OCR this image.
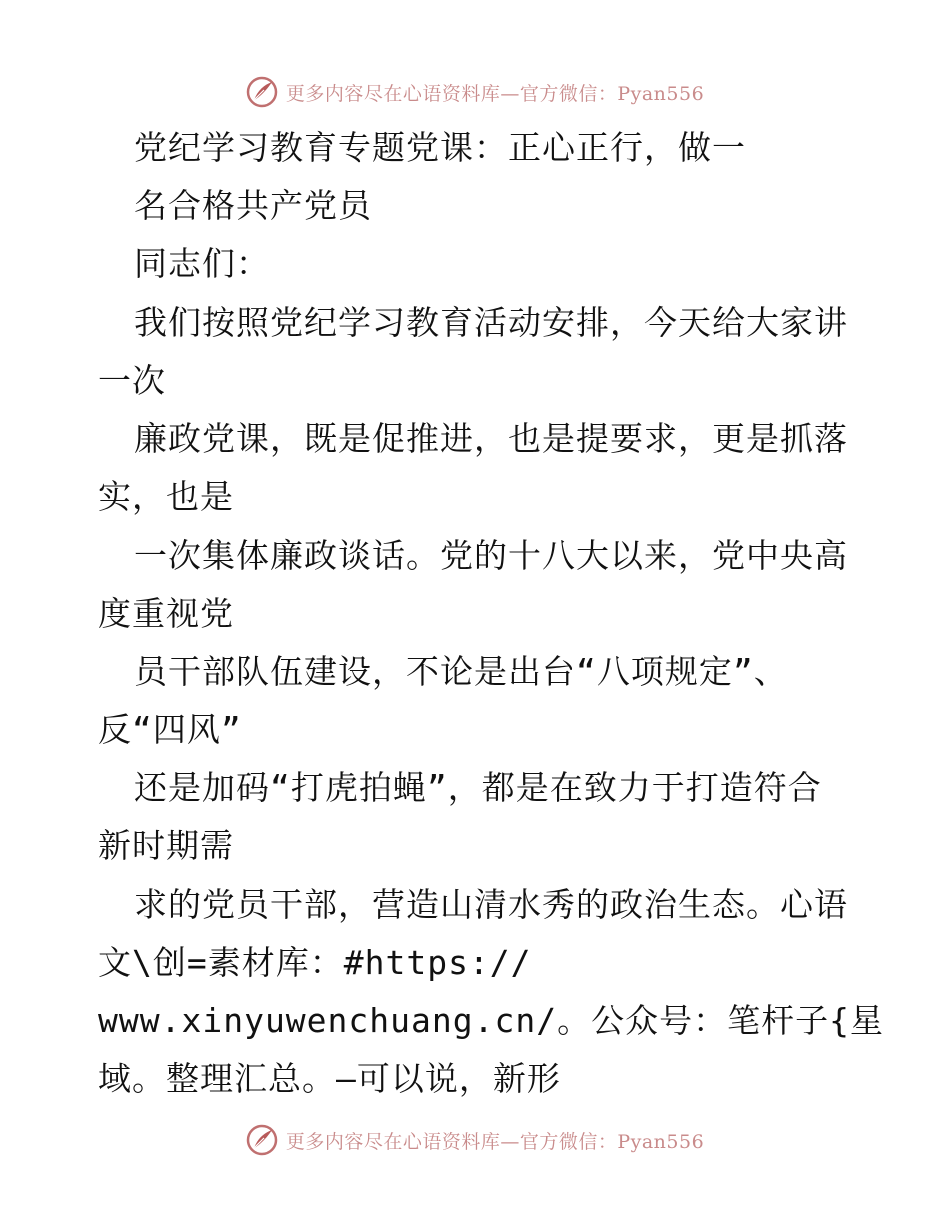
更多内容尽在心语资料库—官方微信：Pyan556
党纪学习教育专题党课：正心正行，做一
名合格共产党员
同志们：
我们按照党纪学习教育活动安排，今天给大家讲
一次
廉政党课，既是促推进，也是提要求，更是抓落
实，也是
一次集体廉政谈话。党的十八大以来，党中央高
度重视党
员干部队伍建设，不论是出台“八项规定”、
反“四风”
还是加码“打虎拍蝇”，都是在致力于打造符合
新时期需
求的党员干部，营造山清水秀的政治生态。心语
文\创=素材库：#https://
www.xinyuwenchuang.cn/。公众号：笔杆子{星
域。整理汇总。—可以说，新形
更多内容尽在心语资料库—官方微信：Pyan556
